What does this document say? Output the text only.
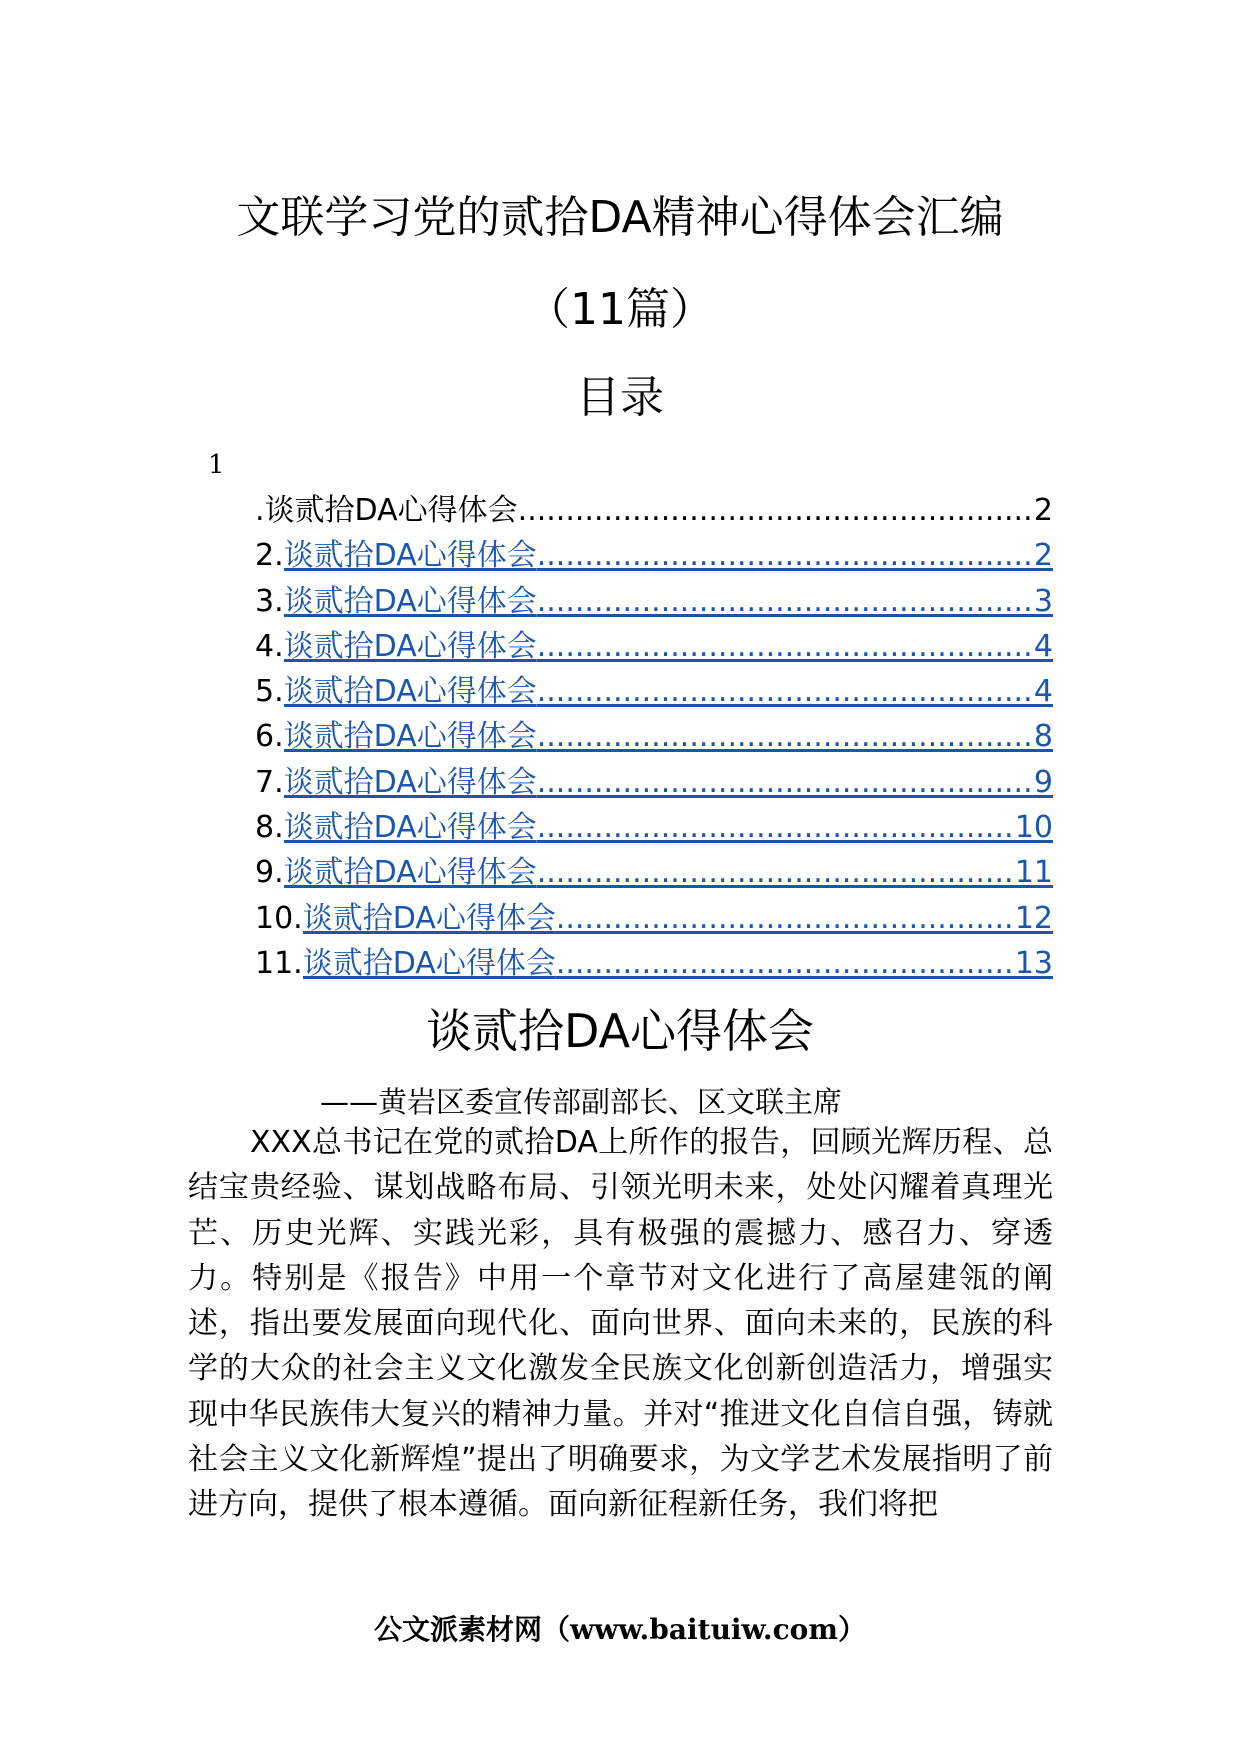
文联学习党的贰拾DA精神心得体会汇编
（11篇）
目录
1
. 谈贰拾DA心得体会 .....	2
2. 谈贰拾DA心得体会 .....	2
3. 谈贰拾DA心得体会 .....	3
4. 谈贰拾DA心得体会 .....	4
5. 谈贰拾DA心得体会 .....	4
6. 谈贰拾DA心得体会 .....	8
7. 谈贰拾DA心得体会 .....	9
8. 谈贰拾DA心得体会 .....	10
9. 谈贰拾DA心得体会 .....	11
10. 谈贰拾DA心得体会 .....	12
11. 谈贰拾DA心得体会 .....	13
谈贰拾DA心得体会
——黄岩区委宣传部副部长、区文联主席

XXX总书记在党的贰拾DA上所作的报告，回顾光辉历程、总结宝贵经验、谋划战略布局、引领光明未来，处处闪耀着真理光芒、历史光辉、实践光彩，具有极强的震撼力、感召力、穿透力。特别是《报告》中用一个章节对文化进行了高屋建瓴的阐述，指出要发展面向现代化、面向世界、面向未来的，民族的科学的大众的社会主义文化激发全民族文化创新创造活力，增强实现中华民族伟大复兴的精神力量。并对“推进文化自信自强，铸就社会主义文化新辉煌”提出了明确要求，为文学艺术发展指明了前进方向，提供了根本遵循。面向新征程新任务，我们将把

公文派素材网（www.baituiw.com）
